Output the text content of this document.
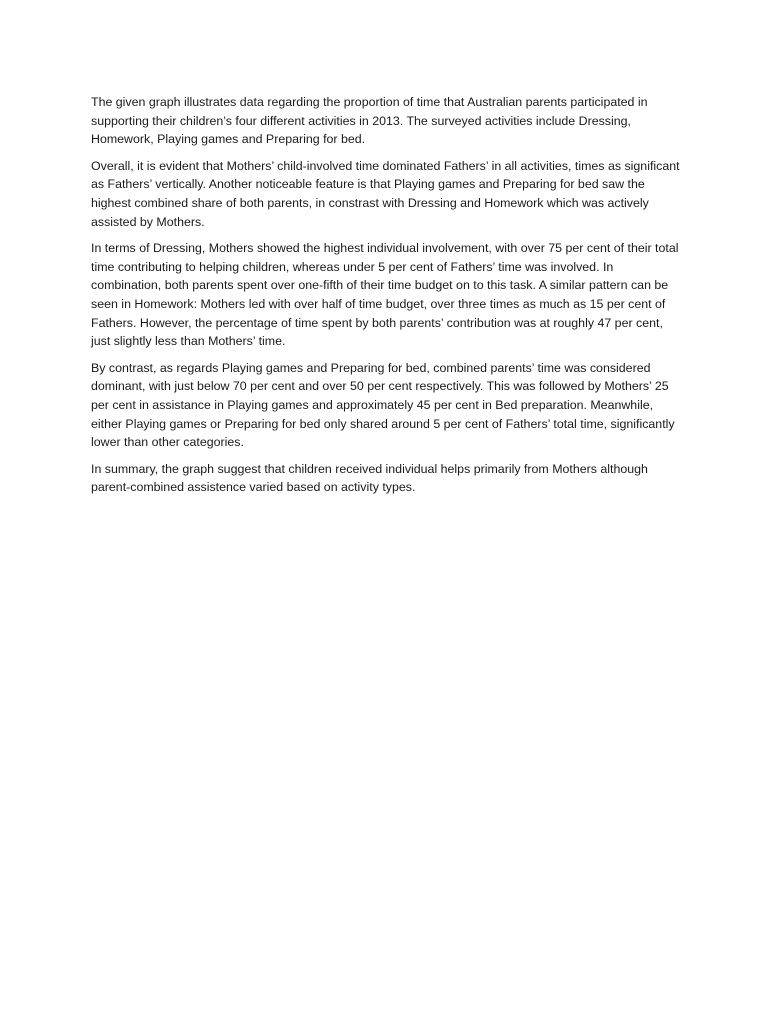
The given graph illustrates data regarding the proportion of time that Australian parents participated in supporting their children’s four different activities in 2013. The surveyed activities include Dressing, Homework, Playing games and Preparing for bed.

Overall, it is evident that Mothers’ child-involved time dominated Fathers’ in all activities, times as significant as Fathers’ vertically. Another noticeable feature is that Playing games and Preparing for bed saw the highest combined share of both parents, in constrast with Dressing and Homework which was actively assisted by Mothers.

In terms of Dressing, Mothers showed the highest individual involvement, with over 75 per cent of their total time contributing to helping children, whereas under 5 per cent of Fathers’ time was involved. In combination, both parents spent over one-fifth of their time budget on to this task. A similar pattern can be seen in Homework: Mothers led with over half of time budget, over three times as much as 15 per cent of Fathers. However, the percentage of time spent by both parents’ contribution was at roughly 47 per cent, just slightly less than Mothers’ time.

By contrast, as regards Playing games and Preparing for bed, combined parents’ time was considered dominant, with just below 70 per cent and over 50 per cent respectively. This was followed by Mothers’ 25 per cent in assistance in Playing games and approximately 45 per cent in Bed preparation. Meanwhile, either Playing games or Preparing for bed only shared around 5 per cent of Fathers’ total time, significantly lower than other categories.

In summary, the graph suggest that children received individual helps primarily from Mothers although parent-combined assistence varied based on activity types.
